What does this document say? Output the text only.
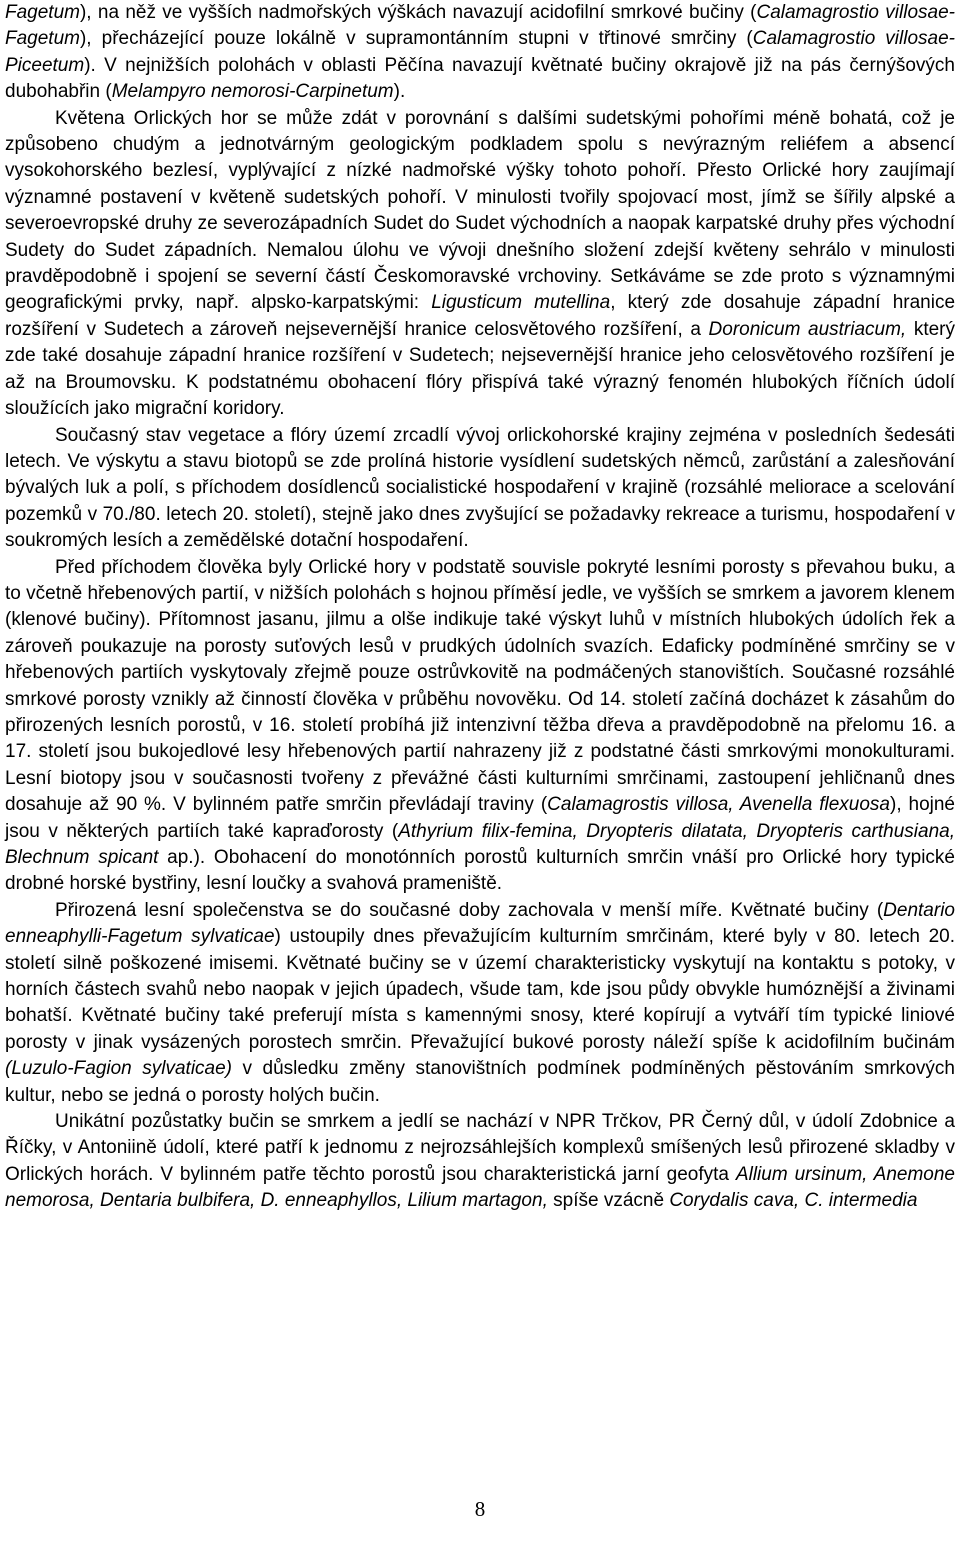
Fagetum), na něž ve vyšších nadmořských výškách navazují acidofilní smrkové bučiny (Calamagrostio villosae-Fagetum), přecházející pouze lokálně v supramontánním stupni v třtinové smrčiny (Calamagrostio villosae-Piceetum). V nejnižších polohách v oblasti Pěčína navazují květnaté bučiny okrajově již na pás černýšových dubohabřin (Melampyro nemorosi-Carpinetum).

Květena Orlických hor se může zdát v porovnání s dalšími sudetskými pohořími méně bohatá, což je způsobeno chudým a jednotvárným geologickým podkladem spolu s nevýrazným reliéfem a absencí vysokohorského bezlesí, vyplývající z nízké nadmořské výšky tohoto pohoří. Přesto Orlické hory zaujímají významné postavení v květeně sudetských pohoří. V minulosti tvořily spojovací most, jímž se šířily alpské a severoevropské druhy ze severozápadních Sudet do Sudet východních a naopak karpatské druhy přes východní Sudety do Sudet západních. Nemalou úlohu ve vývoji dnešního složení zdejší květeny sehrálo v minulosti pravděpodobně i spojení se severní částí Českomoravské vrchoviny. Setkáváme se zde proto s významnými geografickými prvky, např. alpsko-karpatskými: Ligusticum mutellina, který zde dosahuje západní hranice rozšíření v Sudetech a zároveň nejsevernější hranice celosvětového rozšíření, a Doronicum austriacum, který zde také dosahuje západní hranice rozšíření v Sudetech; nejsevernější hranice jeho celosvětového rozšíření je až na Broumovsku. K podstatnému obohacení flóry přispívá také výrazný fenomén hlubokých říčních údolí sloužících jako migrační koridory.

Současný stav vegetace a flóry území zrcadlí vývoj orlickohorské krajiny zejména v posledních šedesáti letech. Ve výskytu a stavu biotopů se zde prolíná historie vysídlení sudetských němců, zarůstání a zalesňování bývalých luk a polí, s příchodem dosídlenců socialistické hospodaření v krajině (rozsáhlé meliorace a scelování pozemků v 70./80. letech 20. století), stejně jako dnes zvyšující se požadavky rekreace a turismu, hospodaření v soukromých lesích a zemědělské dotační hospodaření.

Před příchodem člověka byly Orlické hory v podstatě souvisle pokryté lesními porosty s převahou buku, a to včetně hřebenových partií, v nižších polohách s hojnou příměsí jedle, ve vyšších se smrkem a javorem klenem (klenové bučiny). Přítomnost jasanu, jilmu a olše indikuje také výskyt luhů v místních hlubokých údolích řek a zároveň poukazuje na porosty suťových lesů v prudkých údolních svazích. Edaficky podmíněné smrčiny se v hřebenových partiích vyskytovaly zřejmě pouze ostrůvkovitě na podmáčených stanovištích. Současné rozsáhlé smrkové porosty vznikly až činností člověka v průběhu novověku. Od 14. století začíná docházet k zásahům do přirozených lesních porostů, v 16. století probíhá již intenzivní těžba dřeva a pravděpodobně na přelomu 16. a 17. století jsou bukojedlové lesy hřebenových partií nahrazeny již z podstatné části smrkovými monokulturami. Lesní biotopy jsou v současnosti tvořeny z převážné části kulturními smrčinami, zastoupení jehličnanů dnes dosahuje až 90 %. V bylinném patře smrčin převládají traviny (Calamagrostis villosa, Avenella flexuosa), hojné jsou v některých partiích také kapraďorosty (Athyrium filix-femina, Dryopteris dilatata, Dryopteris carthusiana, Blechnum spicant ap.). Obohacení do monotónních porostů kulturních smrčin vnáší pro Orlické hory typické drobné horské bystřiny, lesní loučky a svahová prameniště.

Přirozená lesní společenstva se do současné doby zachovala v menší míře. Květnaté bučiny (Dentario enneaphylli-Fagetum sylvaticae) ustoupily dnes převažujícím kulturním smrčinám, které byly v 80. letech 20. století silně poškozené imisemi. Květnaté bučiny se v území charakteristicky vyskytují na kontaktu s potoky, v horních částech svahů nebo naopak v jejich úpadech, všude tam, kde jsou půdy obvykle humóznější a živinami bohatší. Květnaté bučiny také preferují místa s kamennými snosy, které kopírují a vytváří tím typické liniové porosty v jinak vysázených porostech smrčin. Převažující bukové porosty náleží spíše k acidofilním bučinám (Luzulo-Fagion sylvaticae) v důsledku změny stanovištních podmínek podmíněných pěstováním smrkových kultur, nebo se jedná o porosty holých bučin.

Unikátní pozůstatky bučin se smrkem a jedlí se nachází v NPR Trčkov, PR Černý důl, v údolí Zdobnice a Říčky, v Antoniině údolí, které patří k jednomu z nejrozsáhlejších komplexů smíšených lesů přirozené skladby v Orlických horách. V bylinném patře těchto porostů jsou charakteristická jarní geofyta Allium ursinum, Anemone nemorosa, Dentaria bulbifera, D. enneaphyllos, Lilium martagon, spíše vzácně Corydalis cava, C. intermedia

8
